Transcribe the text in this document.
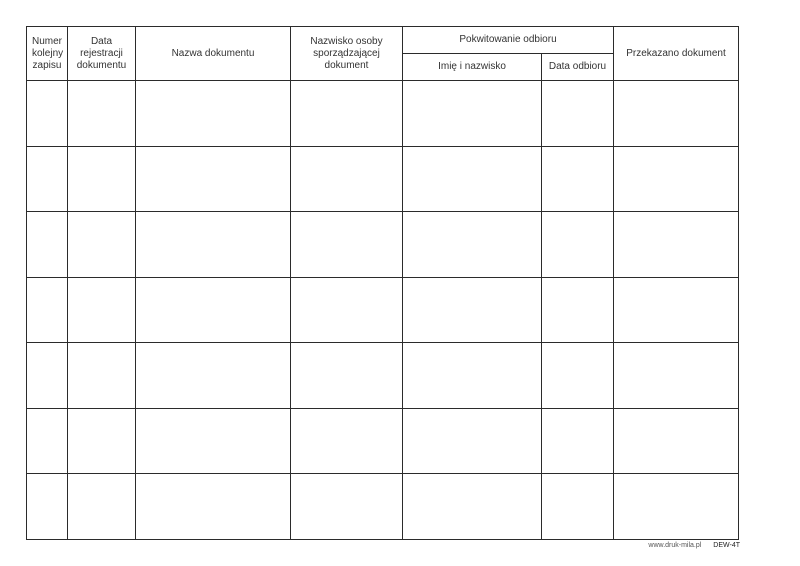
Numer kolejny zapisu	Data rejestracji dokumentu	Nazwa dokumentu	Nazwisko osoby sporządzającej dokument	Pokwitowanie odbioru		Przekazano dokument
				Imię i nazwisko	Data odbioru	

www.druk-mila.pl DEW-4T
